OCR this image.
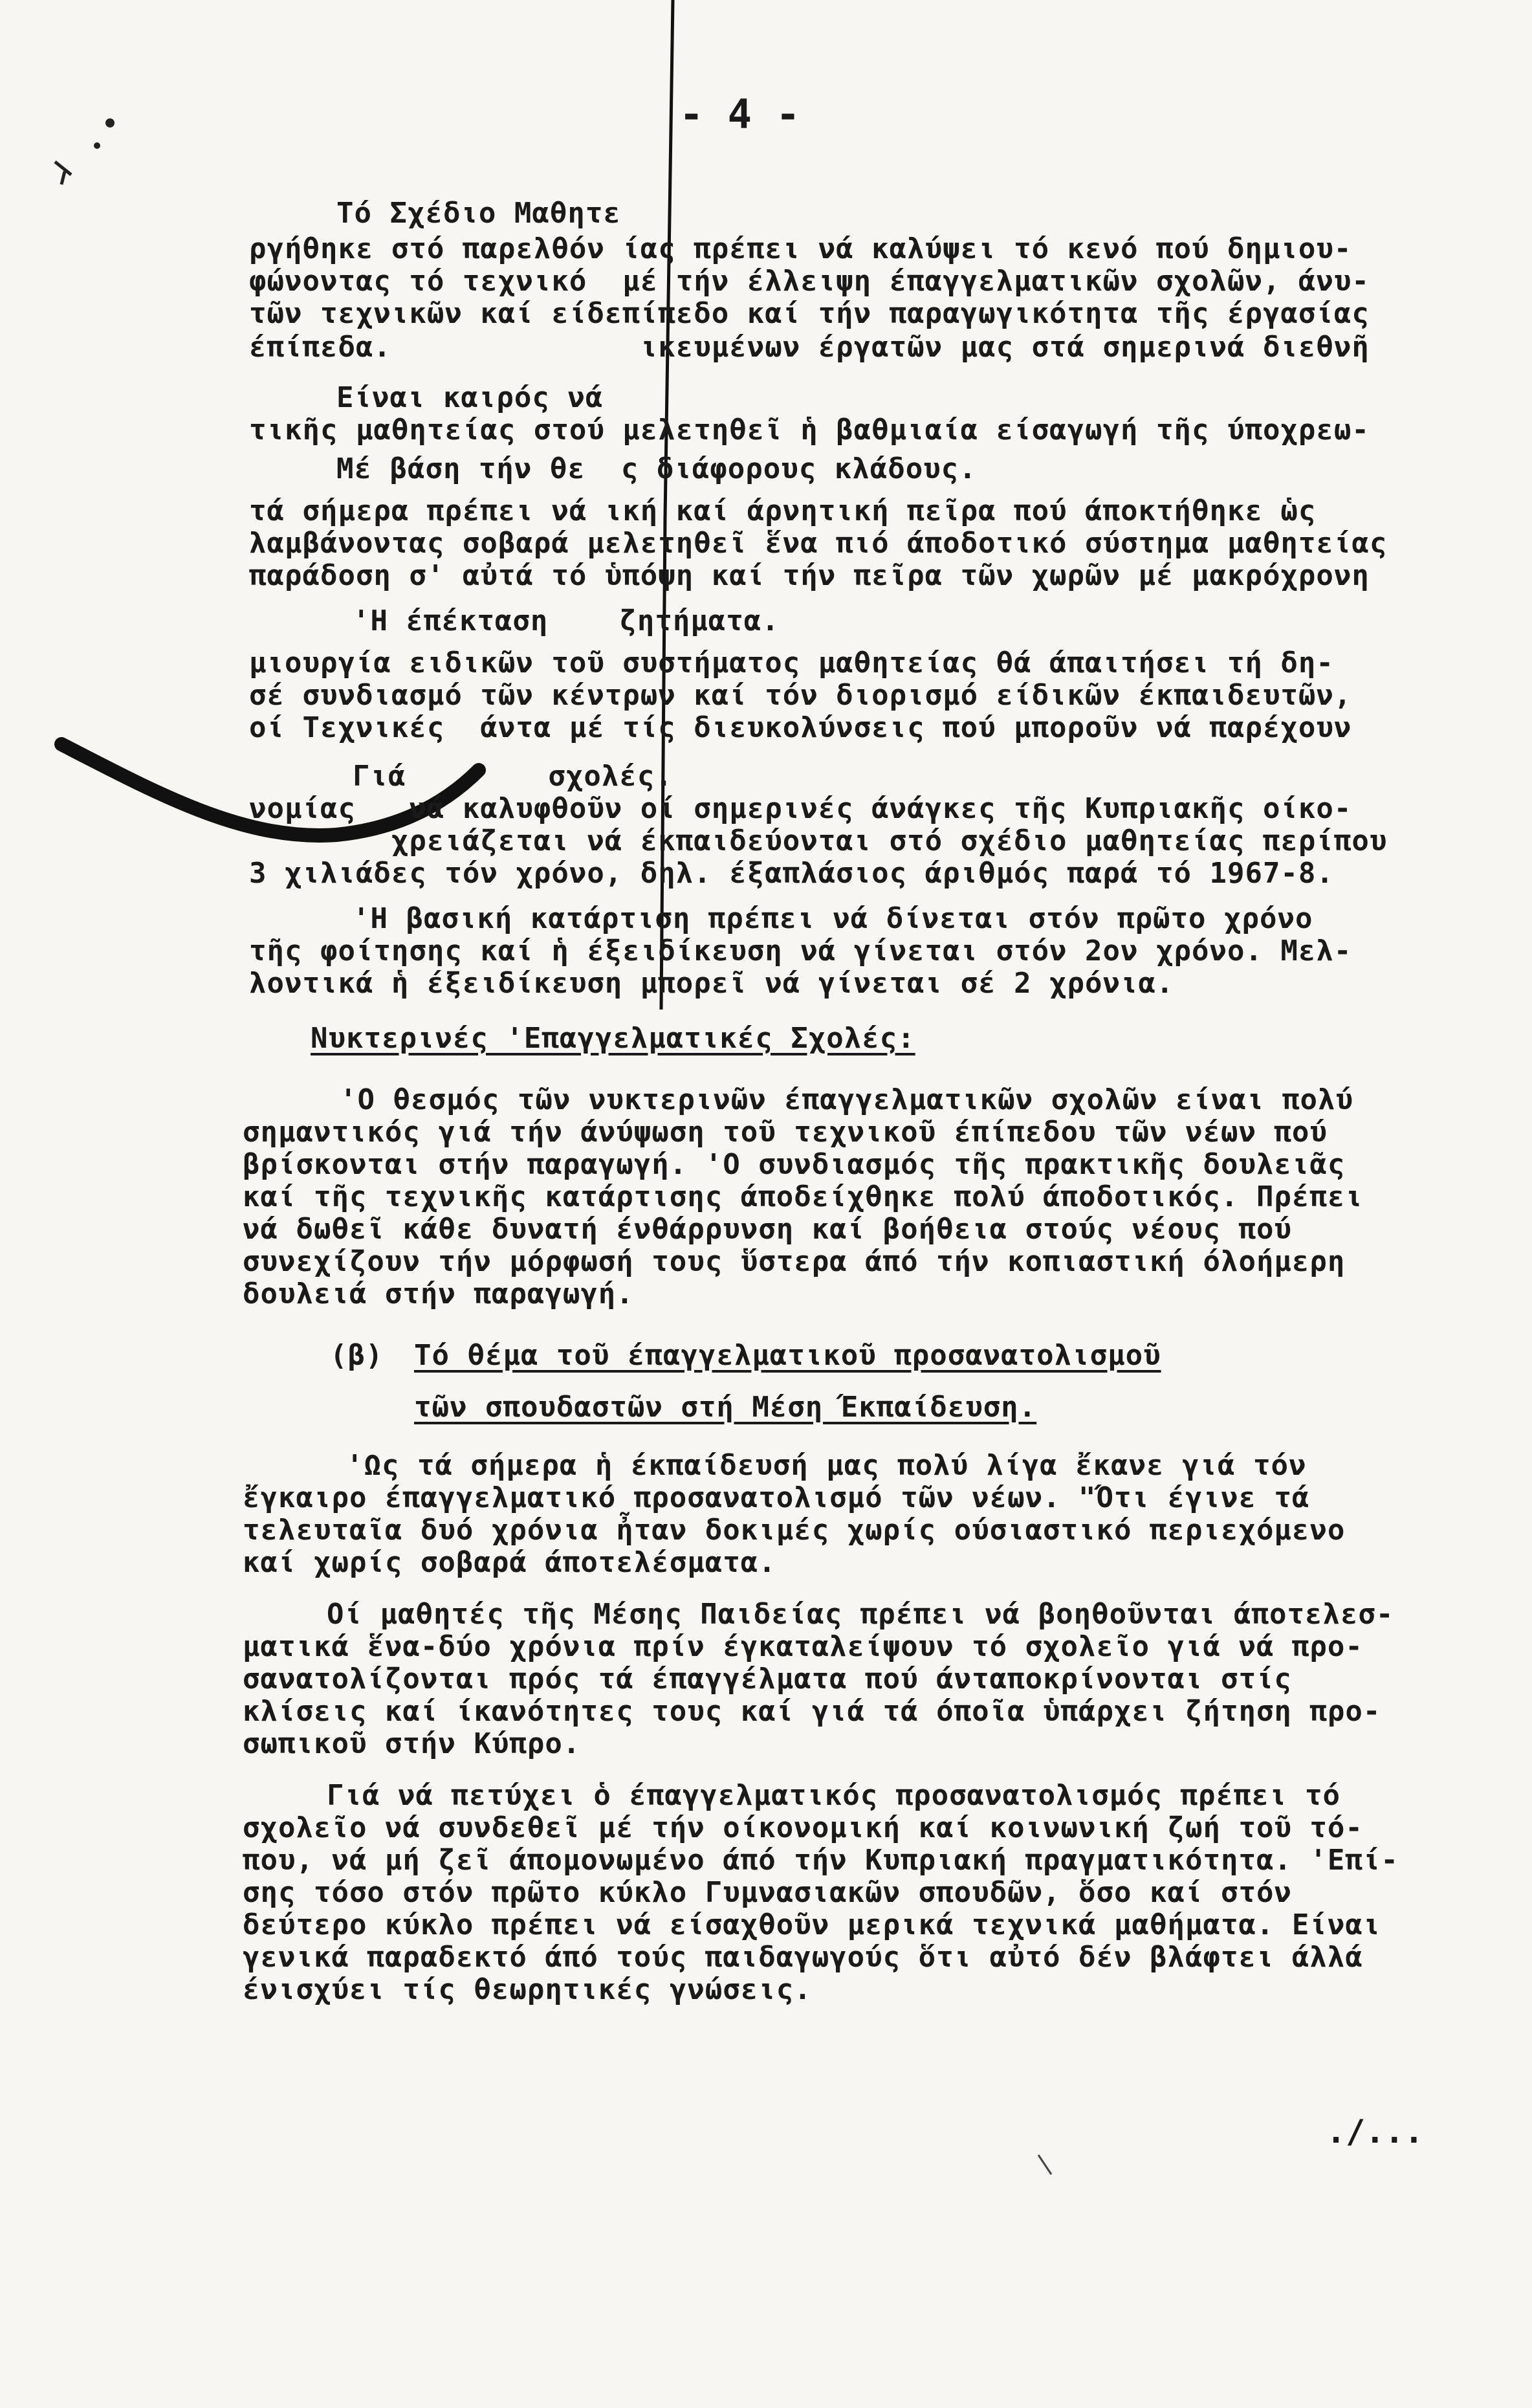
- 4 -
Τό Σχέδιο Μαθητε
ργήθηκε στό παρελθόν ίας πρέπει νά καλύψει τό κενό πού δημιου-
φώνοντας τό τεχνικό  μέ τήν έλλειψη έπαγγελματικῶν σχολῶν, άνυ-
τῶν τεχνικῶν καί είδεπίπεδο καί τήν παραγωγικότητα τῆς έργασίας
έπίπεδα.              ικευμένων έργατῶν μας στά σημερινά διεθνῆ
Είναι καιρός νά
τικῆς μαθητείας στού μελετηθεῖ ἡ βαθμιαία είσαγωγή τῆς ύποχρεω-
Μέ βάση τήν θε  ς διάφορους κλάδους.
τά σήμερα πρέπει νά ική καί άρνητική πεῖρα πού άποκτήθηκε ὡς
λαμβάνοντας σοβαρά μελετηθεῖ ἕνα πιό άποδοτικό σύστημα μαθητείας
παράδοση σ' αὐτά τό ὑπόψη καί τήν πεῖρα τῶν χωρῶν μέ μακρόχρονη
'Η έπέκταση    ζητήματα.
μιουργία ειδικῶν τοῦ συστήματος μαθητείας θά άπαιτήσει τή δη-
σέ συνδιασμό τῶν κέντρων καί τόν διορισμό είδικῶν έκπαιδευτῶν,
οί Τεχνικές  άντα μέ τίς διευκολύνσεις πού μποροῦν νά παρέχουν
Γιά        σχολές.
νομίας   νά καλυφθοῦν οί σημερινές άνάγκες τῆς Κυπριακῆς οίκο-
χρειάζεται νά έκπαιδεύονται στό σχέδιο μαθητείας περίπου
3 χιλιάδες τόν χρόνο, δηλ. έξαπλάσιος άριθμός παρά τό 1967-8.
'Η βασική κατάρτιση πρέπει νά δίνεται στόν πρῶτο χρόνο
τῆς φοίτησης καί ἡ έξειδίκευση νά γίνεται στόν 2ον χρόνο. Μελ-
λοντικά ἡ έξειδίκευση μπορεῖ νά γίνεται σέ 2 χρόνια.
Νυκτερινές 'Επαγγελματικές Σχολές:
'Ο θεσμός τῶν νυκτερινῶν έπαγγελματικῶν σχολῶν είναι πολύ
σημαντικός γιά τήν άνύψωση τοῦ τεχνικοῦ έπίπεδου τῶν νέων πού
βρίσκονται στήν παραγωγή. 'Ο συνδιασμός τῆς πρακτικῆς δουλειᾶς
καί τῆς τεχνικῆς κατάρτισης άποδείχθηκε πολύ άποδοτικός. Πρέπει
νά δωθεῖ κάθε δυνατή ένθάρρυνση καί βοήθεια στούς νέους πού
συνεχίζουν τήν μόρφωσή τους ὕστερα άπό τήν κοπιαστική όλοήμερη
δουλειά στήν παραγωγή.
(β) Τό θέμα τοῦ έπαγγελματικοῦ προσανατολισμοῦ
τῶν σπουδαστῶν στή Μέση Έκπαίδευση.
'Ως τά σήμερα ἡ έκπαίδευσή μας πολύ λίγα ἔκανε γιά τόν
ἔγκαιρο έπαγγελματικό προσανατολισμό τῶν νέων. "Ότι έγινε τά
τελευταῖα δυό χρόνια ἦταν δοκιμές χωρίς ούσιαστικό περιεχόμενο
καί χωρίς σοβαρά άποτελέσματα.
Οί μαθητές τῆς Μέσης Παιδείας πρέπει νά βοηθοῦνται άποτελεσ-
ματικά ἕνα-δύο χρόνια πρίν έγκαταλείψουν τό σχολεῖο γιά νά προ-
σανατολίζονται πρός τά έπαγγέλματα πού άνταποκρίνονται στίς
κλίσεις καί ίκανότητες τους καί γιά τά όποῖα ὑπάρχει ζήτηση προ-
σωπικοῦ στήν Κύπρο.
Γιά νά πετύχει ὁ έπαγγελματικός προσανατολισμός πρέπει τό
σχολεῖο νά συνδεθεῖ μέ τήν οίκονομική καί κοινωνική ζωή τοῦ τό-
που, νά μή ζεῖ άπομονωμένο άπό τήν Κυπριακή πραγματικότητα. 'Επί-
σης τόσο στόν πρῶτο κύκλο Γυμνασιακῶν σπουδῶν, ὅσο καί στόν
δεύτερο κύκλο πρέπει νά είσαχθοῦν μερικά τεχνικά μαθήματα. Είναι
γενικά παραδεκτό άπό τούς παιδαγωγούς ὅτι αὐτό δέν βλάφτει άλλά
ένισχύει τίς θεωρητικές γνώσεις.
./...
